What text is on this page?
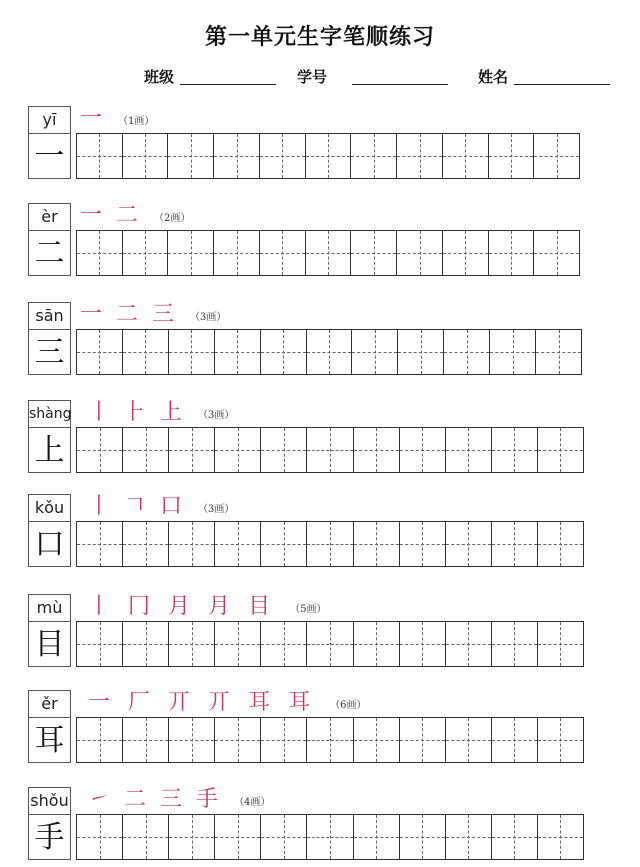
第一单元生字笔顺练习
班级	学号	姓名
yī
一
一 （1画）
èr
二
一 二 （2画）
sān
三
一 二 三 （3画）
shàng
上
丨 ⺊ 上 （3画）
kǒu
口
丨 𠃍 口 （3画）
mù
目
丨 冂 月 月 目 （5画）
ěr
耳
一 厂 丌 丌 耳 耳 （6画）
shǒu
手
㇀ 二 三 手 （4画）
